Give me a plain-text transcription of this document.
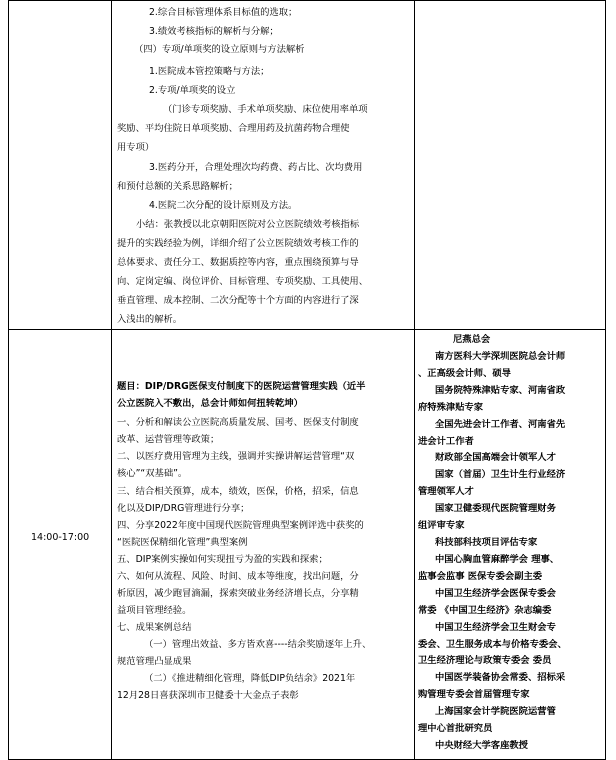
2.综合目标管理体系目标值的选取；
3.绩效考核指标的解析与分解；
（四）专项/单项奖的设立原则与方法解析
1.医院成本管控策略与方法；
2.专项/单项奖的设立
（门诊专项奖励、手术单项奖励、床位使用率单项
奖励、平均住院日单项奖励、合理用药及抗菌药物合理使
用专项）
3.医药分开，合理处理次均药费、药占比、次均费用
和预付总额的关系思路解析；
4.医院二次分配的设计原则及方法。
小结：张教授以北京朝阳医院对公立医院绩效考核指标
提升的实践经验为例，详细介绍了公立医院绩效考核工作的
总体要求、责任分工、数据质控等内容，重点围绕预算与导
向、定岗定编、岗位评价、目标管理、专项奖励、工具使用、
垂直管理、成本控制、二次分配等十个方面的内容进行了深
入浅出的解析。
14:00-17:00
题目：DIP/DRG医保支付制度下的医院运营管理实践（近半
公立医院入不敷出，总会计师如何扭转乾坤）
一、分析和解读公立医院高质量发展、国考、医保支付制度
改革、运营管理等政策；
二、以医疗费用管理为主线，强调并实操讲解运营管理“双
核心”“双基础”。
三、结合相关预算，成本，绩效，医保，价格，招采，信息
化以及DIP/DRG管理进行分享；
四、分享2022年度中国现代医院管理典型案例评选中获奖的
“医院医保精细化管理”典型案例
五、DIP案例实操如何实现扭亏为盈的实践和探索；
六、如何从流程、风险、时间、成本等维度，找出问题，分
析原因，减少跑冒滴漏，探索突破业务经济增长点，分享精
益项目管理经验。
七、成果案例总结
（一）管理出效益、多方皆欢喜----结余奖励逐年上升、
规范管理凸显成果
（二）《推进精细化管理，降低DIP负结余》2021年
12月28日喜获深圳市卫健委十大金点子表彰
尼燕总会
南方医科大学深圳医院总会计师
、正高级会计师、硕导
国务院特殊津贴专家、河南省政
府特殊津贴专家
全国先进会计工作者、河南省先
进会计工作者
财政部全国高端会计领军人才
国家（首届）卫生计生行业经济
管理领军人才
国家卫健委现代医院管理财务
组评审专家
科技部科技项目评估专家
中国心胸血管麻醉学会 理事、
监事会监事 医保专委会副主委
中国卫生经济学会医保专委会
常委 《中国卫生经济》杂志编委
中国卫生经济学会卫生财会专
委会、卫生服务成本与价格专委会、
卫生经济理论与政策专委会 委员
中国医学装备协会常委、招标采
购管理专委会首届管理专家
上海国家会计学院医院运营管
理中心首批研究员
中央财经大学客座教授
